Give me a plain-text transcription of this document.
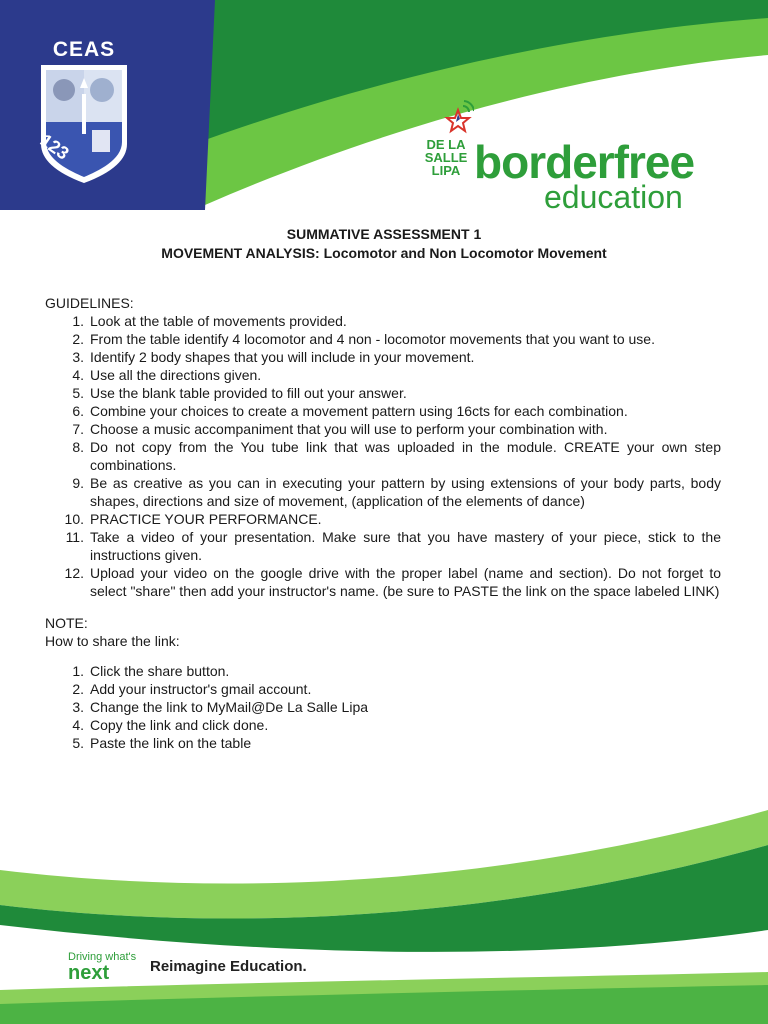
CEAS
123	DE LA
SALLE
LIPA borderfree
education
SUMMATIVE ASSESSMENT 1
MOVEMENT ANALYSIS: Locomotor and Non Locomotor Movement

GUIDELINES:

1. Look at the table of movements provided.
2. From the table identify 4 locomotor and 4 non - locomotor movements that you want to use.
3. Identify 2 body shapes that you will include in your movement.
4. Use all the directions given.
5. Use the blank table provided to fill out your answer.
6. Combine your choices to create a movement pattern using 16cts for each combination.
7. Choose a music accompaniment that you will use to perform your combination with.
8. Do not copy from the You tube link that was uploaded in the module. CREATE your own step combinations.
9. Be as creative as you can in executing your pattern by using extensions of your body parts, body shapes, directions and size of movement, (application of the elements of dance)
10. PRACTICE YOUR PERFORMANCE.
11. Take a video of your presentation. Make sure that you have mastery of your piece, stick to the instructions given.
12. Upload your video on the google drive with the proper label (name and section). Do not forget to select "share" then add your instructor's name. (be sure to PASTE the link on the space labeled LINK)

NOTE:

How to share the link:

1. Click the share button.
2. Add your instructor's gmail account.
3. Change the link to MyMail@De La Salle Lipa
4. Copy the link and click done.
5. Paste the link on the table
Driving what's
next	Reimagine Education.
